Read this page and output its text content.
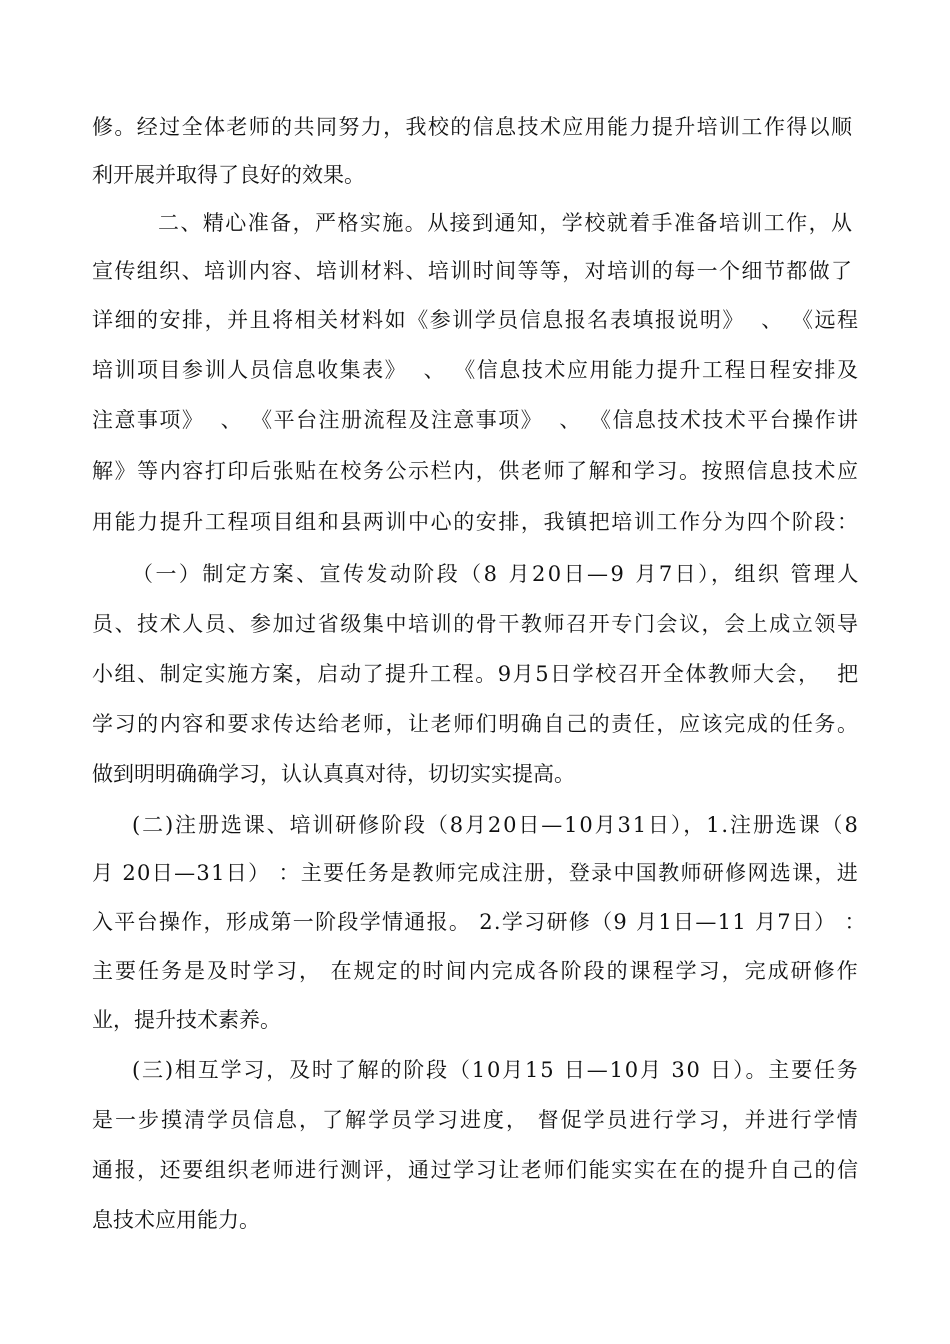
修。经过全体老师的共同努力，我校的信息技术应用能力提升培训工作得以顺
利开展并取得了良好的效果。
二、精心准备，严格实施。从接到通知，学校就着手准备培训工作，从
宣传组织、培训内容、培训材料、培训时间等等，对培训的每一个细节都做了
详细的安排，并且将相关材料如《参训学员信息报名表填报说明》  、 《远程
培训项目参训人员信息收集表》  、 《信息技术应用能力提升工程日程安排及
注意事项》  、 《平台注册流程及注意事项》  、 《信息技术技术平台操作讲
解》等内容打印后张贴在校务公示栏内，供老师了解和学习。按照信息技术应
用能力提升工程项目组和县两训中心的安排，我镇把培训工作分为四个阶段：
（一）制定方案、宣传发动阶段（8 月20日—9 月7日），组织 管理人
员、技术人员、参加过省级集中培训的骨干教师召开专门会议，会上成立领导
小组、制定实施方案，启动了提升工程。9月5日学校召开全体教师大会，  把
学习的内容和要求传达给老师，让老师们明确自己的责任，应该完成的任务。
做到明明确确学习，认认真真对待，切切实实提高。
(二)注册选课、培训研修阶段（8月20日—10月31日），1.注册选课（8
月 20日—31日） ：主要任务是教师完成注册，登录中国教师研修网选课，进
入平台操作，形成第一阶段学情通报。 2.学习研修（9 月1日—11 月7日） ：
主要任务是及时学习， 在规定的时间内完成各阶段的课程学习，完成研修作
业，提升技术素养。
(三)相互学习，及时了解的阶段（10月15 日—10月 30 日）。主要任务
是一步摸清学员信息，了解学员学习进度， 督促学员进行学习，并进行学情
通报，还要组织老师进行测评，通过学习让老师们能实实在在的提升自己的信
息技术应用能力。
